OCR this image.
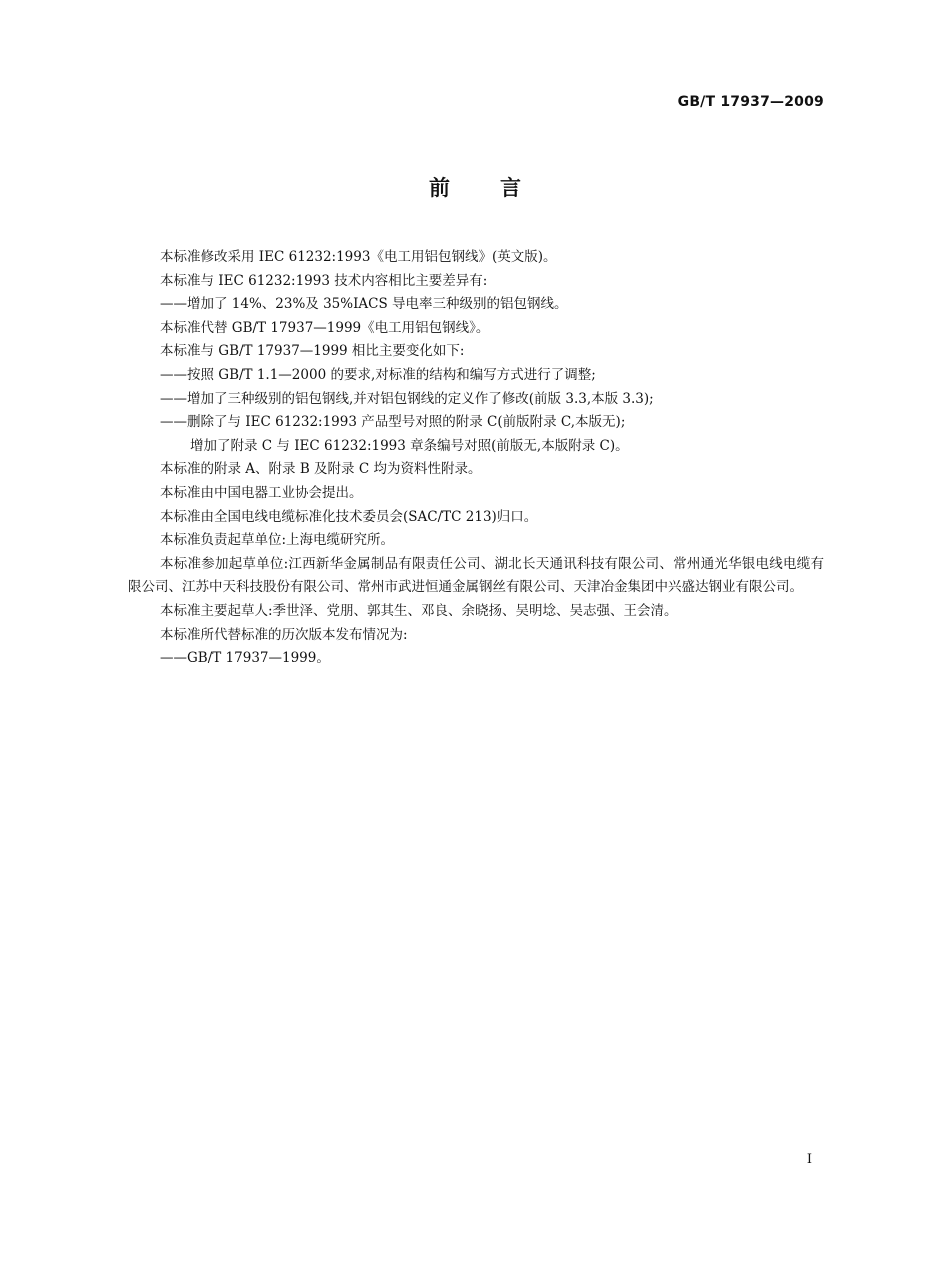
GB/T 17937—2009
前言

本标准修改采用 IEC 61232:1993《电工用铝包钢线》(英文版)。

本标准与 IEC 61232:1993 技术内容相比主要差异有:

——增加了 14%、23%及 35%IACS 导电率三种级别的铝包钢线。

本标准代替 GB/T 17937—1999《电工用铝包钢线》。

本标准与 GB/T 17937—1999 相比主要变化如下:

——按照 GB/T 1.1—2000 的要求,对标准的结构和编写方式进行了调整;

——增加了三种级别的铝包钢线,并对铝包钢线的定义作了修改(前版 3.3,本版 3.3);

——删除了与 IEC 61232:1993 产品型号对照的附录 C(前版附录 C,本版无);

增加了附录 C 与 IEC 61232:1993 章条编号对照(前版无,本版附录 C)。

本标准的附录 A、附录 B 及附录 C 均为资料性附录。

本标准由中国电器工业协会提出。

本标准由全国电线电缆标准化技术委员会(SAC/TC 213)归口。

本标准负责起草单位:上海电缆研究所。

本标准参加起草单位:江西新华金属制品有限责任公司、湖北长天通讯科技有限公司、常州通光华银电线电缆有限公司、江苏中天科技股份有限公司、常州市武进恒通金属钢丝有限公司、天津冶金集团中兴盛达钢业有限公司。

本标准主要起草人:季世泽、党朋、郭其生、邓良、余晓扬、吴明埝、吴志强、王会清。

本标准所代替标准的历次版本发布情况为:

——GB/T 17937—1999。

I
